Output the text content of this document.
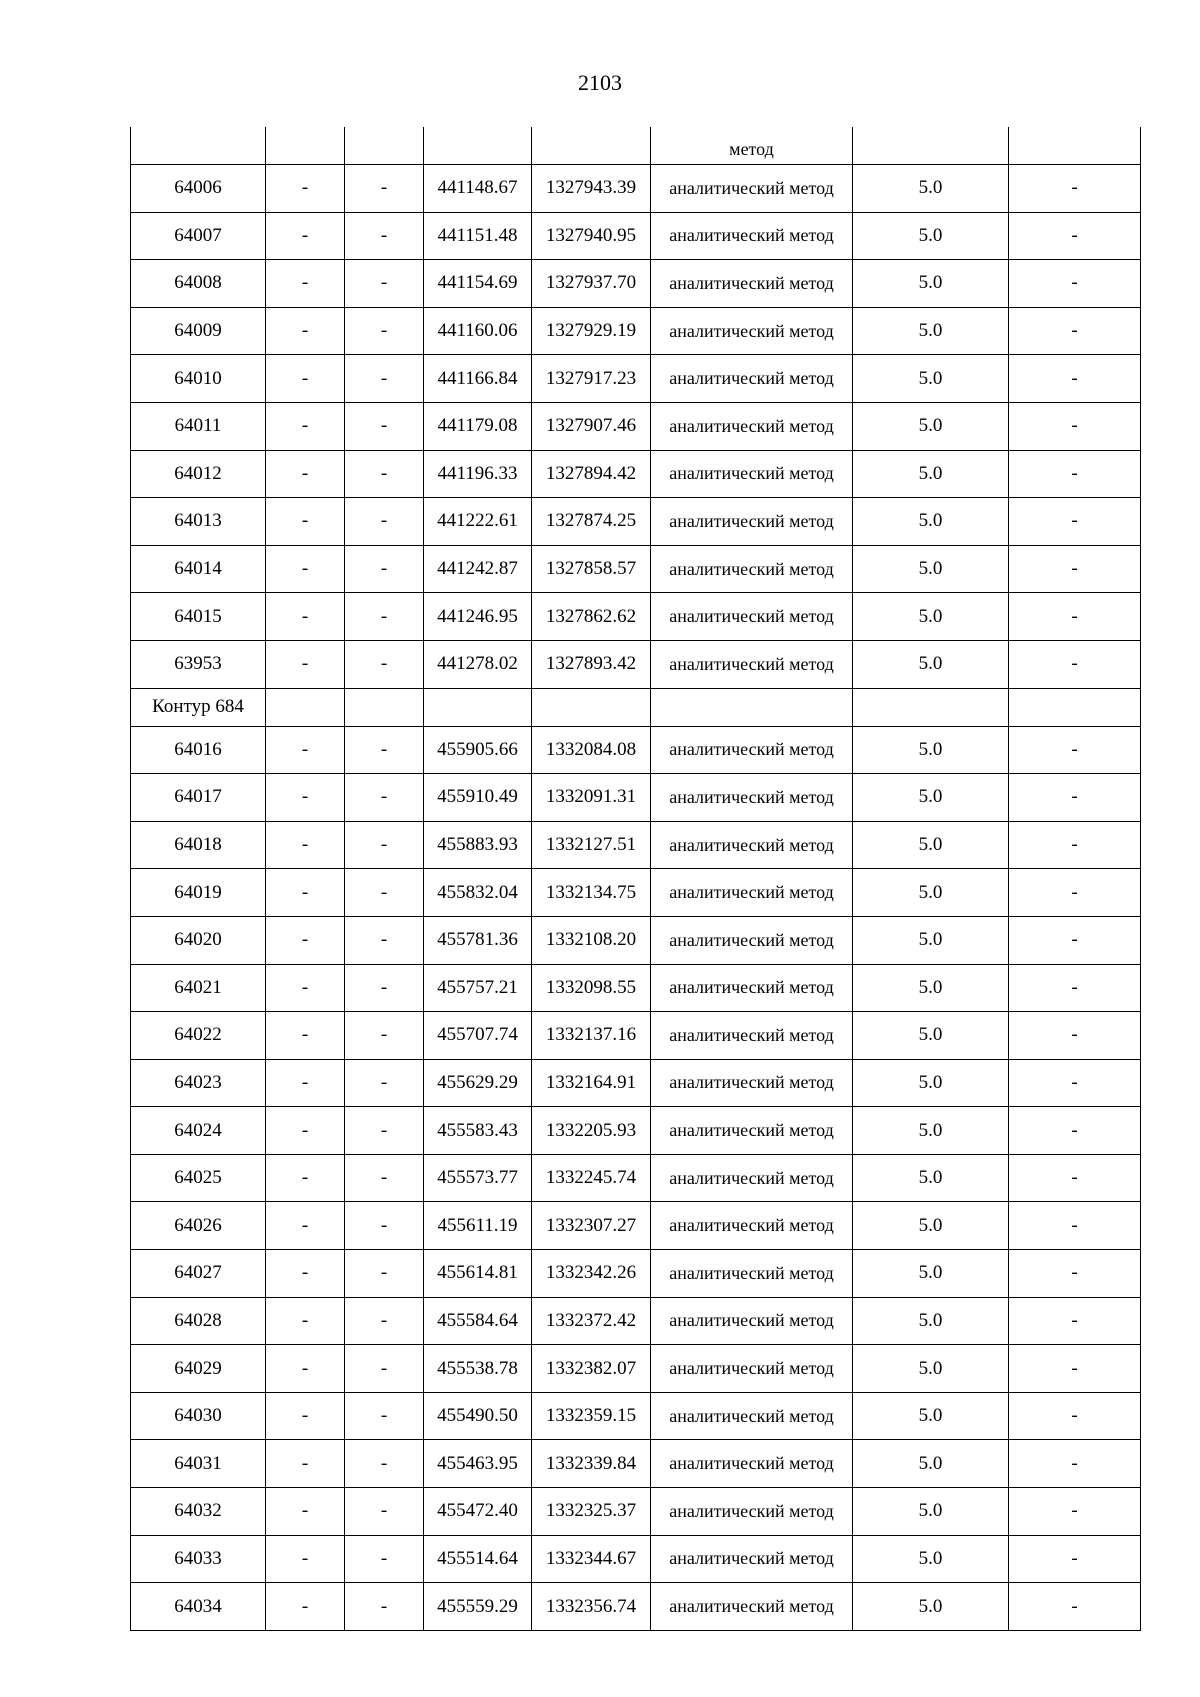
2103

					метод		

64006	-	-	441148.67	1327943.39	аналитический метод	5.0	-
64007	-	-	441151.48	1327940.95	аналитический метод	5.0	-
64008	-	-	441154.69	1327937.70	аналитический метод	5.0	-
64009	-	-	441160.06	1327929.19	аналитический метод	5.0	-
64010	-	-	441166.84	1327917.23	аналитический метод	5.0	-
64011	-	-	441179.08	1327907.46	аналитический метод	5.0	-
64012	-	-	441196.33	1327894.42	аналитический метод	5.0	-
64013	-	-	441222.61	1327874.25	аналитический метод	5.0	-
64014	-	-	441242.87	1327858.57	аналитический метод	5.0	-
64015	-	-	441246.95	1327862.62	аналитический метод	5.0	-
63953	-	-	441278.02	1327893.42	аналитический метод	5.0	-
Контур 684							
64016	-	-	455905.66	1332084.08	аналитический метод	5.0	-
64017	-	-	455910.49	1332091.31	аналитический метод	5.0	-
64018	-	-	455883.93	1332127.51	аналитический метод	5.0	-
64019	-	-	455832.04	1332134.75	аналитический метод	5.0	-
64020	-	-	455781.36	1332108.20	аналитический метод	5.0	-
64021	-	-	455757.21	1332098.55	аналитический метод	5.0	-
64022	-	-	455707.74	1332137.16	аналитический метод	5.0	-
64023	-	-	455629.29	1332164.91	аналитический метод	5.0	-
64024	-	-	455583.43	1332205.93	аналитический метод	5.0	-
64025	-	-	455573.77	1332245.74	аналитический метод	5.0	-
64026	-	-	455611.19	1332307.27	аналитический метод	5.0	-
64027	-	-	455614.81	1332342.26	аналитический метод	5.0	-
64028	-	-	455584.64	1332372.42	аналитический метод	5.0	-
64029	-	-	455538.78	1332382.07	аналитический метод	5.0	-
64030	-	-	455490.50	1332359.15	аналитический метод	5.0	-
64031	-	-	455463.95	1332339.84	аналитический метод	5.0	-
64032	-	-	455472.40	1332325.37	аналитический метод	5.0	-
64033	-	-	455514.64	1332344.67	аналитический метод	5.0	-
64034	-	-	455559.29	1332356.74	аналитический метод	5.0	-
